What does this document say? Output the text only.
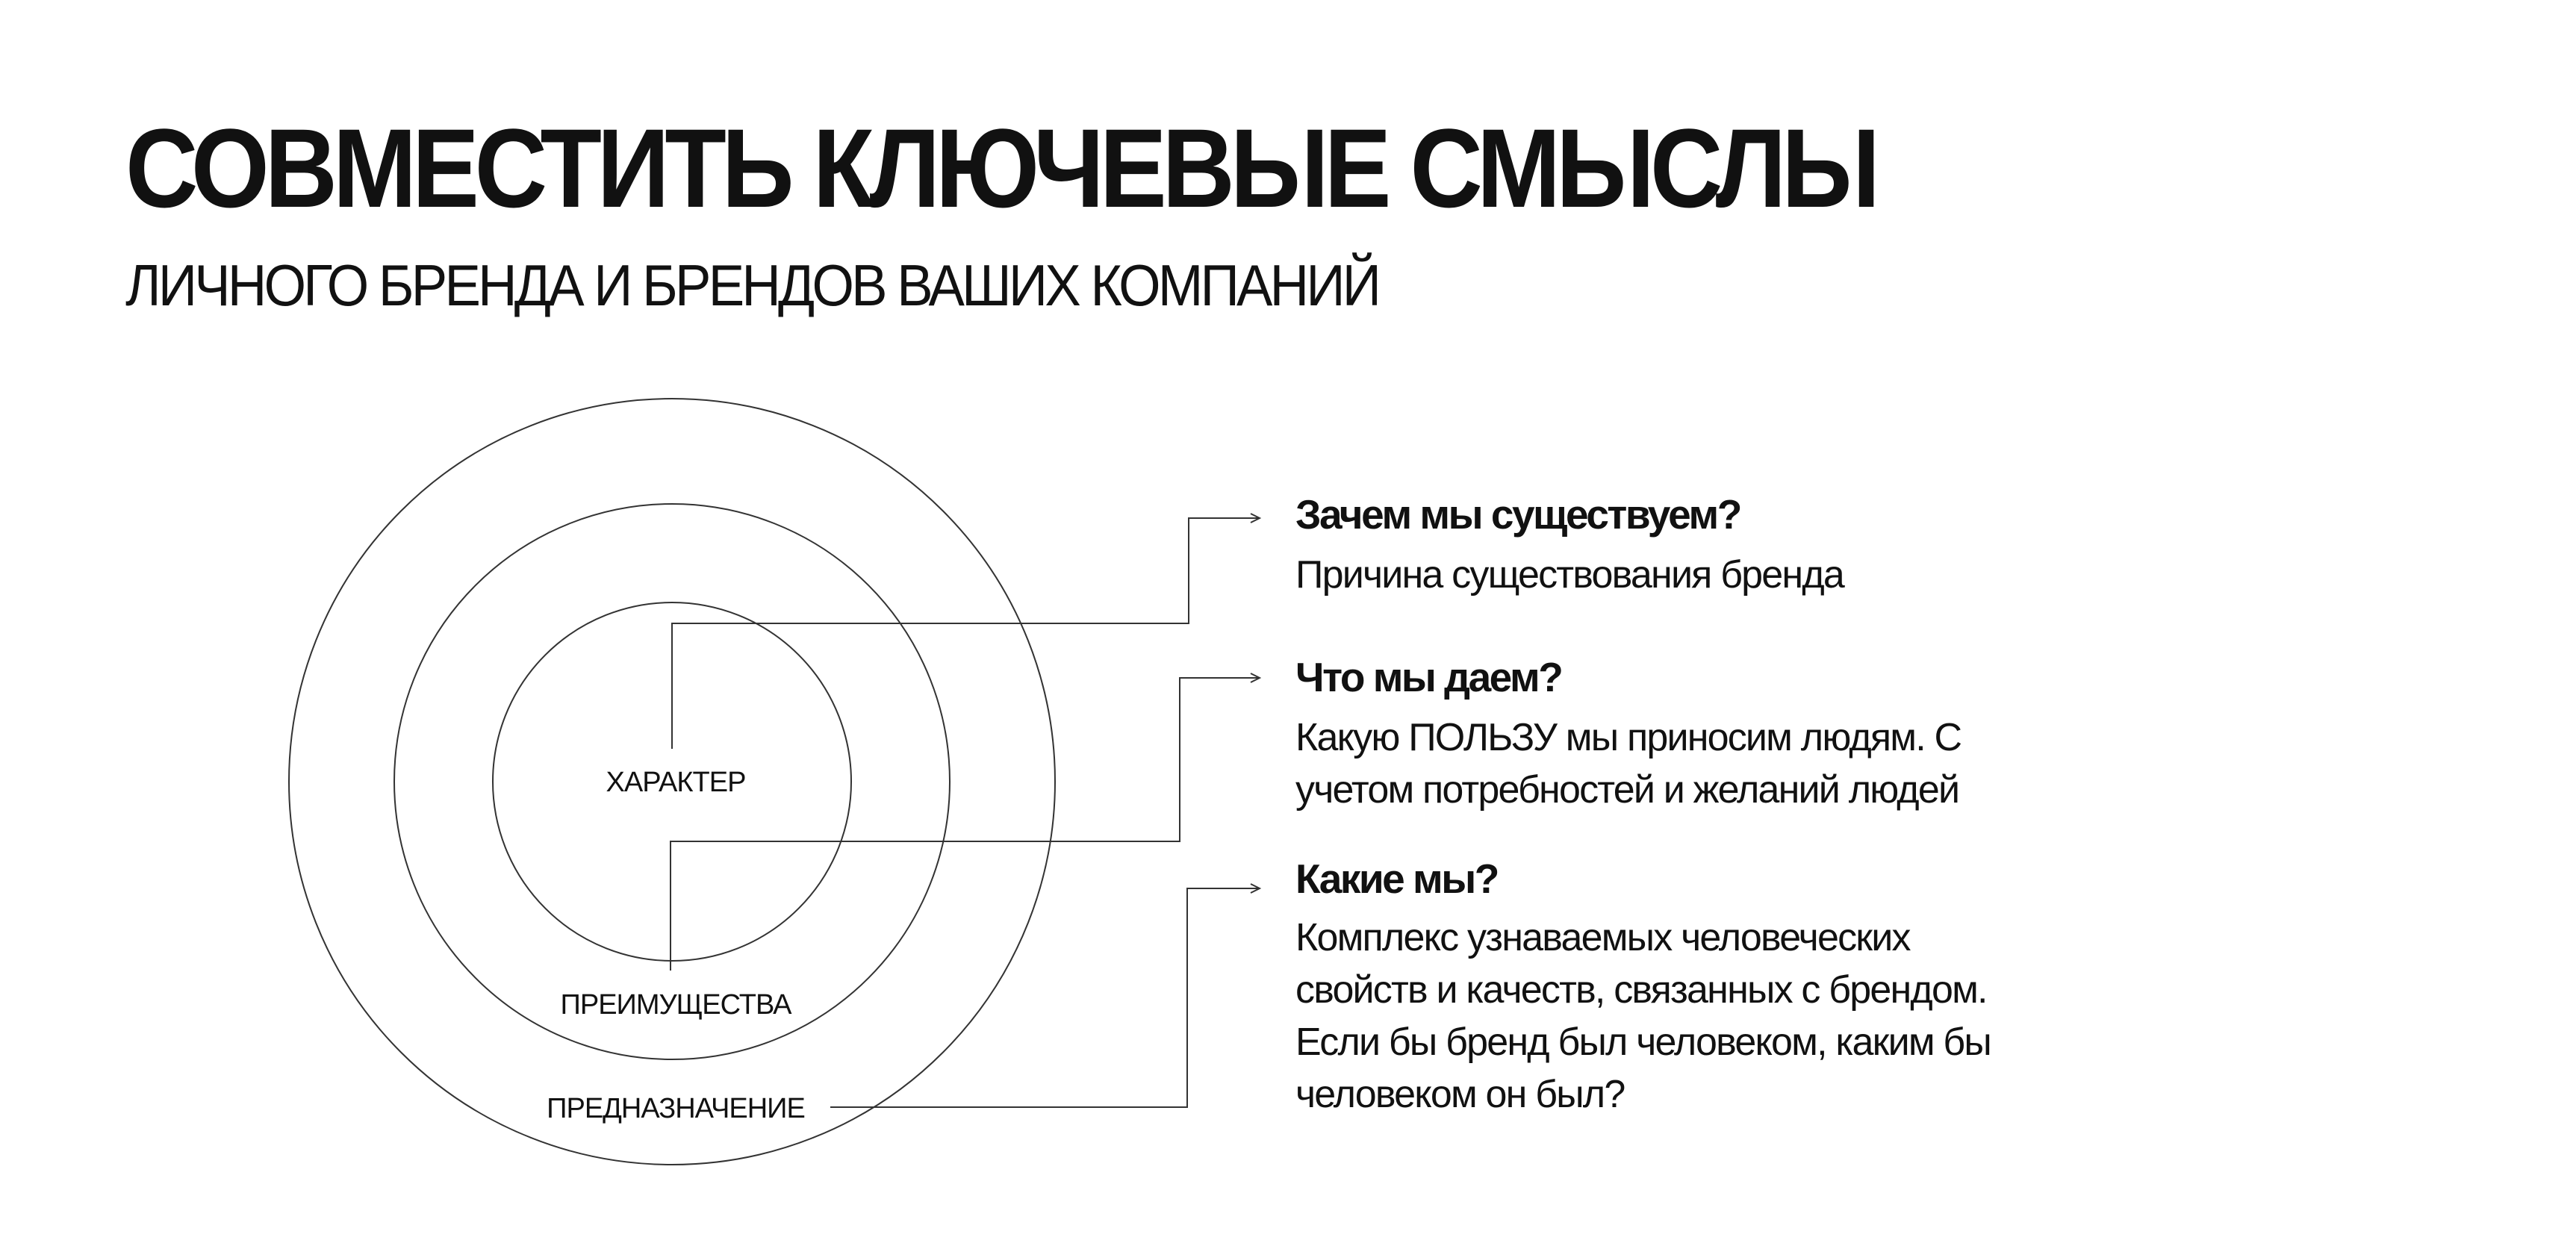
СОВМЕСТИТЬ КЛЮЧЕВЫЕ СМЫСЛЫ
ЛИЧНОГО БРЕНДА И БРЕНДОВ ВАШИХ КОМПАНИЙ
ХАРАКТЕР
ПРЕИМУЩЕСТВА
ПРЕДНАЗНАЧЕНИЕ
Зачем мы существуем?
Причина существования бренда
Что мы даем?
Какую ПОЛЬЗУ мы приносим людям. С
учетом потребностей и желаний людей
Какие мы?
Комплекс узнаваемых человеческих
свойств и качеств, связанных с брендом.
Если бы бренд был человеком, каким бы
человеком он был?
